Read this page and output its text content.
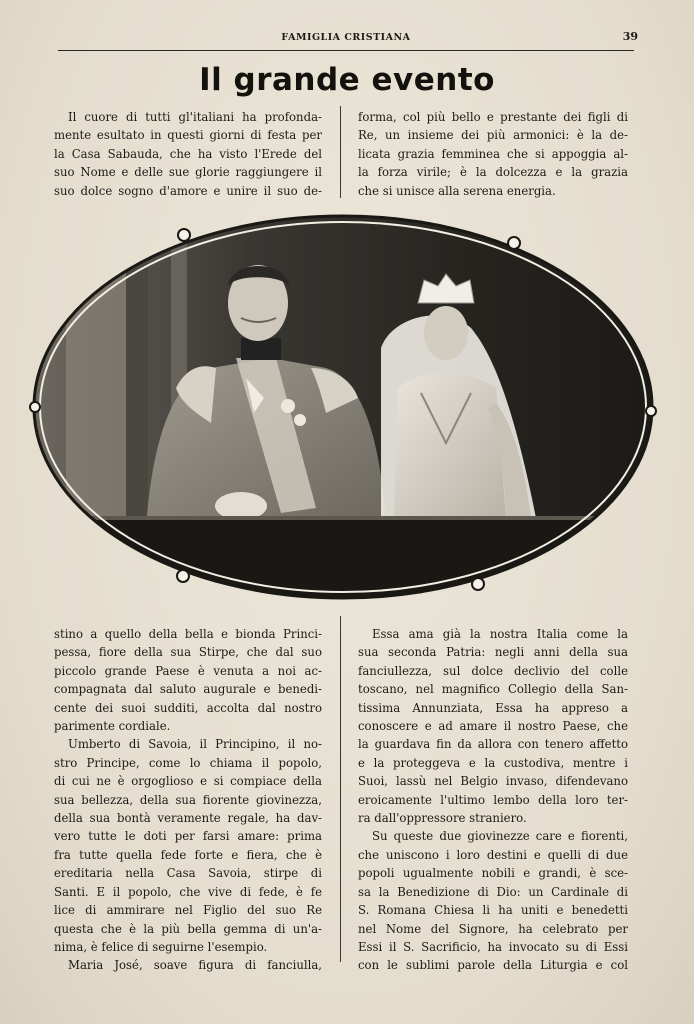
FAMIGLIA CRISTIANA	39
Il grande evento
Il cuore di tutti gl'italiani ha profonda-
mente esultato in questi giorni di festa per
la Casa Sabauda, che ha visto l'Erede del
suo Nome e delle sue glorie raggiungere il
suo dolce sogno d'amore e unire il suo de-
forma, col più bello e prestante dei figli di
Re, un insieme dei più armonici: è la de-
licata grazia femminea che si appoggia al-
la forza virile; è la dolcezza e la grazia
che si unisce alla serena energia.
stino a quello della bella e bionda Princi-
pessa, fiore della sua Stirpe, che dal suo
piccolo grande Paese è venuta a noi ac-
compagnata dal saluto augurale e benedi-
cente dei suoi sudditi, accolta dal nostro
parimente cordiale.
Umberto di Savoia, il Principino, il no-
stro Principe, come lo chiama il popolo,
di cui ne è orgoglioso e si compiace della
sua bellezza, della sua fiorente giovinezza,
della sua bontà veramente regale, ha dav-
vero tutte le doti per farsi amare: prima
fra tutte quella fede forte e fiera, che è
ereditaria nella Casa Savoia, stirpe di
Santi. E il popolo, che vive di fede, è fe
lice di ammirare nel Figlio del suo Re
questa che è la più bella gemma di un'a-
nima, è felice di seguirne l'esempio.
Maria José, soave figura di fanciulla,
Essa ama già la nostra Italia come la
sua seconda Patria: negli anni della sua
fanciullezza, sul dolce declivio del colle
toscano, nel magnifico Collegio della San-
tissima Annunziata, Essa ha appreso a
conoscere e ad amare il nostro Paese, che
la guardava fin da allora con tenero affetto
e la proteggeva e la custodiva, mentre i
Suoi, lassù nel Belgio invaso, difendevano
eroicamente l'ultimo lembo della loro ter-
ra dall'oppressore straniero.
Su queste due giovinezze care e fiorenti,
che uniscono i loro destini e quelli di due
popoli ugualmente nobili e grandi, è sce-
sa la Benedizione di Dio: un Cardinale di
S. Romana Chiesa li ha uniti e benedetti
nel Nome del Signore, ha celebrato per
Essi il S. Sacrificio, ha invocato su di Essi
con le sublimi parole della Liturgia e col
